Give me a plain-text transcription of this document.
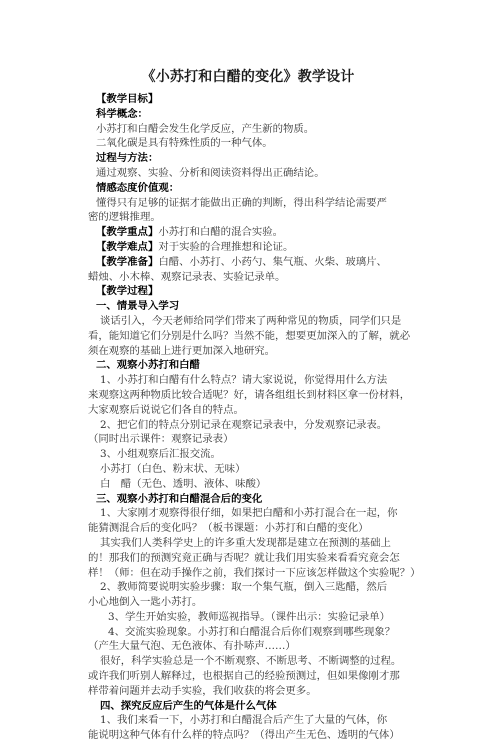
《小苏打和白醋的变化》教学设计
【教学目标】
科学概念：
小苏打和白醋会发生化学反应，产生新的物质。
二氧化碳是具有特殊性质的一种气体。
过程与方法：
通过观察、实验、分析和阅读资料得出正确结论。
情感态度价值观：
懂得只有足够的证据才能做出正确的判断，得出科学结论需要严
密的逻辑推理。
【教学重点】小苏打和白醋的混合实验。
【教学难点】对于实验的合理推想和论证。
【教学准备】白醋、小苏打、小药勺、集气瓶、火柴、玻璃片、
蜡烛、小木棒、观察记录表、实验记录单。
【教学过程】
一、情景导入学习
谈话引入，今天老师给同学们带来了两种常见的物质，同学们只是
看，能知道它们分别是什么吗？当然不能，想要更加深入的了解，就必
须在观察的基础上进行更加深入地研究。
二、观察小苏打和白醋
1、小苏打和白醋有什么特点？请大家说说，你觉得用什么方法
来观察这两种物质比较合适呢？好，请各组组长到材料区拿一份材料，
大家观察后说说它们各自的特点。
2、把它们的特点分别记录在观察记录表中，分发观察记录表。
（同时出示课件：观察记录表）
3、小组观察后汇报交流。
小苏打（白色、粉末状、无味）
白　醋（无色、透明、液体、味酸）
三、观察小苏打和白醋混合后的变化
1、大家刚才观察得很仔细，如果把白醋和小苏打混合在一起，你
能猜测混合后的变化吗？（板书课题：小苏打和白醋的变化）
其实我们人类科学史上的许多重大发现都是建立在预测的基础上
的！那我们的预测究竟正确与否呢？就让我们用实验来看看究竟会怎
样！（师：但在动手操作之前，我们探讨一下应该怎样做这个实验呢？）
2、教师简要说明实验步骤：取一个集气瓶，倒入三匙醋，然后
小心地倒入一匙小苏打。
3、学生开始实验，教师巡视指导。（课件出示：实验记录单）
4、交流实验现象。小苏打和白醋混合后你们观察到哪些现象？
（产生大量气泡、无色液体、有扑哧声……）
很好，科学实验总是一个不断观察、不断思考、不断调整的过程。
或许我们听别人解释过，也根据自己的经验预测过，但如果像刚才那
样带着问题并去动手实验，我们收获的将会更多。
四、探究反应后产生的气体是什么气体
1、我们来看一下，小苏打和白醋混合后产生了大量的气体，你
能说明这种气体有什么样的特点吗？（得出产生无色、透明的气体）
